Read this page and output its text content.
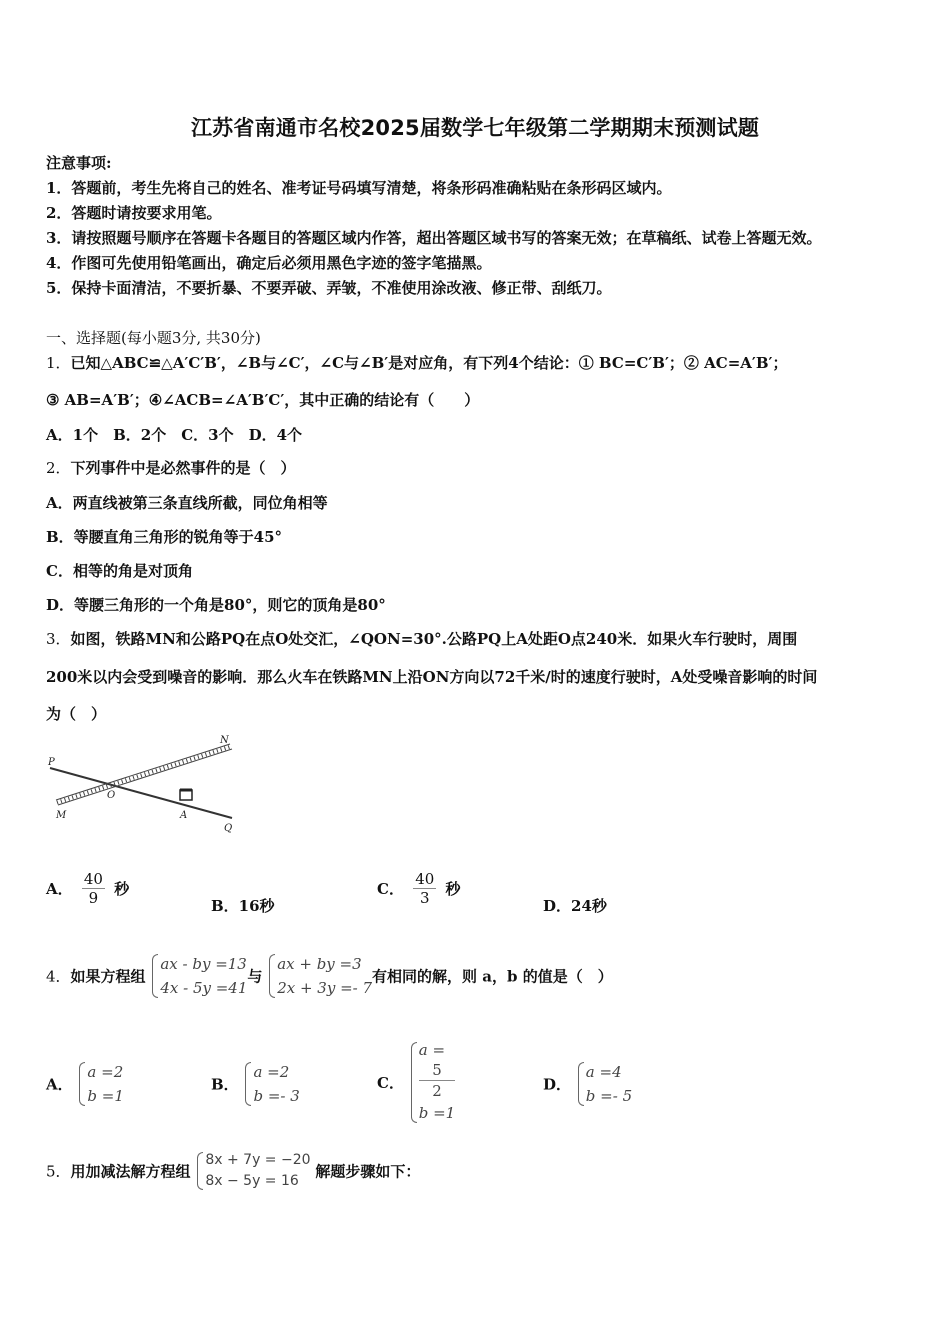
江苏省南通市名校2025届数学七年级第二学期期末预测试题
注意事项:
1．答题前，考生先将自己的姓名、准考证号码填写清楚，将条形码准确粘贴在条形码区域内。
2．答题时请按要求用笔。
3．请按照题号顺序在答题卡各题目的答题区域内作答，超出答题区域书写的答案无效；在草稿纸、试卷上答题无效。
4．作图可先使用铅笔画出，确定后必须用黑色字迹的签字笔描黑。
5．保持卡面清洁，不要折暴、不要弄破、弄皱，不准使用涂改液、修正带、刮纸刀。
一、选择题(每小题3分, 共30分)
1．已知△ABC≌△A′C′B′，∠B与∠C′，∠C与∠B′是对应角，有下列4个结论：① BC=C′B′；② AC=A′B′；
③ AB=A′B′；④∠ACB=∠A′B′C′，其中正确的结论有（　　）
A．1个　B．2个　C．3个　D．4个
2．下列事件中是必然事件的是（　）
A．两直线被第三条直线所截，同位角相等
B．等腰直角三角形的锐角等于45°
C．相等的角是对顶角
D．等腰三角形的一个角是80°，则它的顶角是80°
3．如图，铁路MN和公路PQ在点O处交汇，∠QON=30°.公路PQ上A处距O点240米．如果火车行驶时，周围
200米以内会受到噪音的影响．那么火车在铁路MN上沿ON方向以72千米/时的速度行驶时，A处受噪音影响的时间
为（　）
P
N
O
M	A
Q
A． $\frac{40}{9}$ 秒
B．16秒
C． $\frac{40}{3}$ 秒
D．24秒
4．如果方程组
ax - by =13
4x - 5y =41
与
ax + by =3
2x + 3y =- 7
有相同的解，则 a，b 的值是（　）
A．
a =2
b =1
B．
a =2
b =- 3
C．
a =
5
2
b =1
D．
a =4
b =- 5
5．用加减法解方程组
8x + 7y = −20
8x − 5y = 16
解题步骤如下：
